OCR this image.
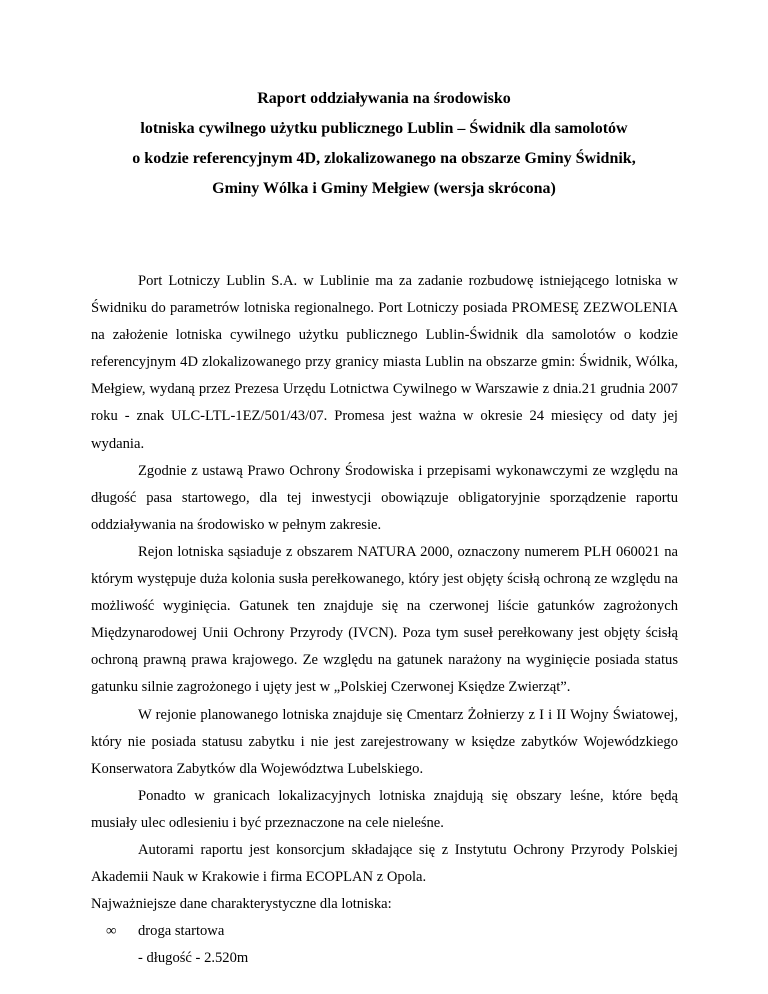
Raport oddziaływania na środowisko
lotniska cywilnego użytku publicznego Lublin – Świdnik dla samolotów
o kodzie referencyjnym 4D, zlokalizowanego na obszarze Gminy Świdnik,
Gminy Wólka i Gminy Mełgiew (wersja skrócona)

Port Lotniczy Lublin S.A. w Lublinie ma za zadanie rozbudowę istniejącego lotniska w Świdniku do parametrów lotniska regionalnego. Port Lotniczy posiada PROMESĘ ZEZWOLENIA na założenie lotniska cywilnego użytku publicznego Lublin-Świdnik dla samolotów o kodzie referencyjnym 4D zlokalizowanego przy granicy miasta Lublin na obszarze gmin: Świdnik, Wólka, Mełgiew, wydaną przez Prezesa Urzędu Lotnictwa Cywilnego w Warszawie z dnia.21 grudnia 2007 roku - znak ULC-LTL-1EZ/501/43/07. Promesa jest ważna w okresie 24 miesięcy od daty jej wydania.

Zgodnie z ustawą Prawo Ochrony Środowiska i przepisami wykonawczymi ze względu na długość pasa startowego, dla tej inwestycji obowiązuje obligatoryjnie sporządzenie raportu oddziaływania na środowisko w pełnym zakresie.

Rejon lotniska sąsiaduje z obszarem NATURA 2000, oznaczony numerem PLH 060021 na którym występuje duża kolonia susła perełkowanego, który jest objęty ścisłą ochroną ze względu na możliwość wyginięcia. Gatunek ten znajduje się na czerwonej liście gatunków zagrożonych Międzynarodowej Unii Ochrony Przyrody (IVCN). Poza tym suseł perełkowany jest objęty ścisłą ochroną prawną prawa krajowego. Ze względu na gatunek narażony na wyginięcie posiada status gatunku silnie zagrożonego i ujęty jest w „Polskiej Czerwonej Księdze Zwierząt”.

W rejonie planowanego lotniska znajduje się Cmentarz Żołnierzy z I i II Wojny Światowej, który nie posiada statusu zabytku i nie jest zarejestrowany w księdze zabytków Wojewódzkiego Konserwatora Zabytków dla Województwa Lubelskiego.

Ponadto w granicach lokalizacyjnych lotniska znajdują się obszary leśne, które będą musiały ulec odlesieniu i być przeznaczone na cele nieleśne.

Autorami raportu jest konsorcjum składające się z Instytutu Ochrony Przyrody Polskiej Akademii Nauk w Krakowie i firma ECOPLAN z Opola.

Najważniejsze dane charakterystyczne dla lotniska:

∞ droga startowa
- długość - 2.520m
